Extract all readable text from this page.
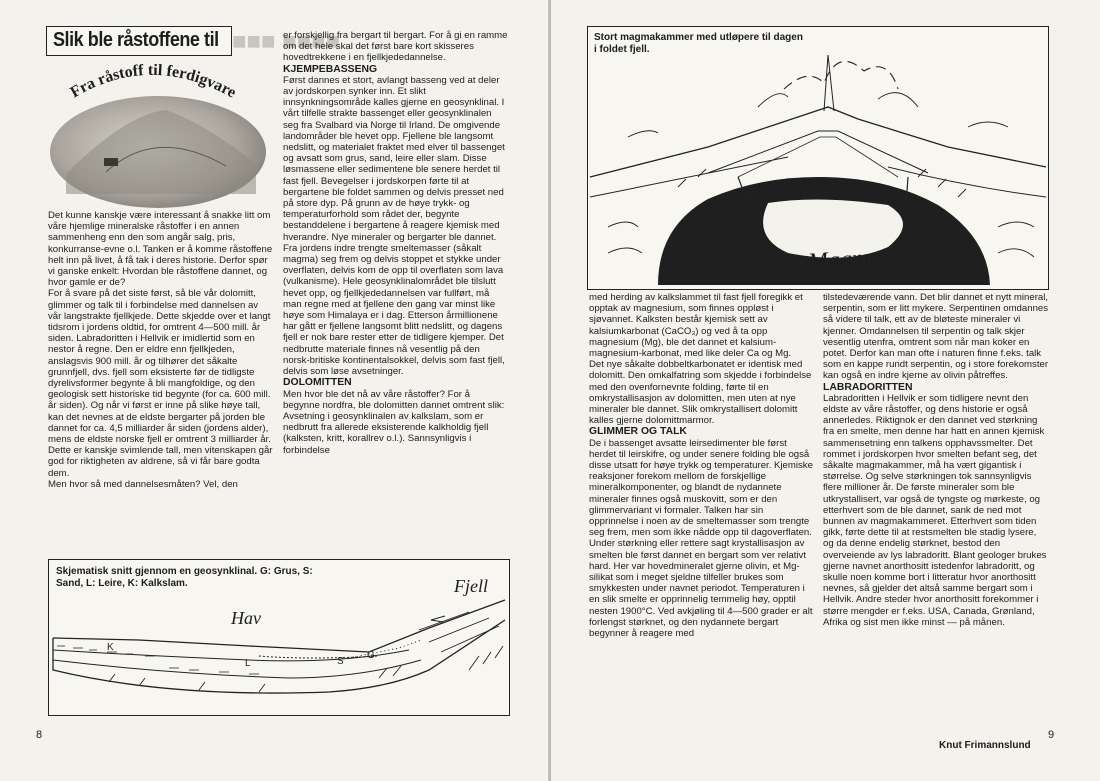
■■■ ■■■■
Slik ble råstoffene til
Fra råstoff til ferdigvare

Det kunne kanskje være interessant å snakke litt om våre hjemlige mineralske råstoffer i en annen sammenheng enn den som angår salg, pris, konkurranse-evne o.l. Tanken er å komme råstoffene helt inn på livet, å få tak i deres historie. Derfor spør vi ganske enkelt: Hvordan ble råstoffene dannet, og hvor gamle er de?

For å svare på det siste først, så ble vår dolomitt, glimmer og talk til i forbindelse med dannelsen av vår langstrakte fjellkjede. Dette skjedde over et langt tidsrom i jordens oldtid, for omtrent 4—500 mill. år siden. Labradoritten i Hellvik er imidlertid som en nestor å regne. Den er eldre enn fjellkjeden, anslagsvis 900 mill. år og tilhører det såkalte grunnfjell, dvs. fjell som eksisterte før de tidligste dyrelivsformer begynte å bli mangfoldige, og den geologisk sett historiske tid begynte (for ca. 600 mill. år siden). Og når vi først er inne på slike høye tall, kan det nevnes at de eldste bergarter på jorden ble dannet for ca. 4,5 milliarder år siden (jordens alder), mens de eldste norske fjell er omtrent 3 milliarder år. Dette er kanskje svimlende tall, men vitenskapen går god for riktigheten av aldrene, så vi får bare godta dem.

Men hvor så med dannelsesmåten? Vel, den

er forskjellig fra bergart til bergart. For å gi en ramme om det hele skal det først bare kort skisseres hovedtrekkene i en fjellkjededannelse.

KJEMPEBASSENG

Først dannes et stort, avlangt basseng ved at deler av jordskorpen synker inn. Et slikt innsynkningsområde kalles gjerne en geosynklinal. I vårt tilfelle strakte bassenget eller geosynklinalen seg fra Svalbard via Norge til Irland. De omgivende landområder ble hevet opp. Fjellene ble langsomt nedslitt, og materialet fraktet med elver til bassenget og avsatt som grus, sand, leire eller slam. Disse løsmassene eller sedimentene ble senere herdet til fast fjell. Bevegelser i jordskorpen førte til at bergartene ble foldet sammen og delvis presset ned på store dyp. På grunn av de høye trykk- og temperaturforhold som rådet der, begynte bestanddelene i bergartene å reagere kjemisk med hverandre. Nye mineraler og bergarter ble dannet. Fra jordens indre trengte smeltemasser (såkalt magma) seg frem og delvis stoppet et stykke under overflaten, delvis kom de opp til overflaten som lava (vulkanisme). Hele geosynklinalområdet ble tilslutt hevet opp, og fjellkjededannelsen var fullført, må man regne med at fjellene den gang var minst like høye som Himalaya er i dag. Etterson årmillionene har gått er fjellene langsomt blitt nedslitt, og dagens fjell er nok bare rester etter de tidligere kjemper. Det nedbrutte materiale finnes nå vesentlig på den norsk-britiske kontinentalsokkel, delvis som fast fjell, delvis som løse avsetninger.

DOLOMITTEN

Men hvor ble det nå av våre råstoffer? For å begynne nordfra, ble dolomitten dannet omtrent slik: Avsetning i geosynklinalen av kalkslam, som er nedbrutt fra allerede eksisterende kalkholdig fjell (kalksten, kritt, korallrev o.l.). Sannsynligvis i forbindelse

Skjematisk snitt gjennom en geosynklinal. G: Grus, S: Sand, L: Leire, K: Kalkslam.	Fjell
Hav
K
L	S
G
8
Stort magmakammer med utløpere til dagen i foldet fjell.
Magma

med herding av kalkslammet til fast fjell foregikk et opptak av magnesium, som finnes oppløst i sjøvannet. Kalksten består kjemisk sett av kalsiumkarbonat (CaCO₃) og ved å ta opp magnesium (Mg), ble det dannet et kalsium-magnesium-karbonat, med like deler Ca og Mg.

Det nye såkalte dobbeltkarbonatet er identisk med dolomitt. Den omkalfatring som skjedde i forbindelse med den ovenfornevnte folding, førte til en omkrystallisasjon av dolomitten, men uten at nye mineraler ble dannet. Slik omkrystallisert dolomitt kalles gjerne dolomittmarmor.

GLIMMER OG TALK

De i bassenget avsatte leirsedimenter ble først herdet til leirskifre, og under senere folding ble også disse utsatt for høye trykk og temperaturer. Kjemiske reaksjoner forekom mellom de forskjellige mineralkomponenter, og blandt de nydannete mineraler finnes også muskovitt, som er den glimmervariant vi formaler. Talken har sin opprinnelse i noen av de smeltemasser som trengte seg frem, men som ikke nådde opp til dagoverflaten. Under størkning eller rettere sagt krystallisasjon av smelten ble først dannet en bergart som ver relativt hard. Her var hovedmineralet gjerne olivin, et Mg-silikat som i meget sjeldne tilfeller brukes som smykkesten under navnet periodot. Temperaturen i en slik smelte er opprinnelig temmelig høy, opptil nesten 1900°C. Ved avkjøling til 4—500 grader er alt forlengst størknet, og den nydannete bergart begynner å reagere med

tilstedeværende vann. Det blir dannet et nytt mineral, serpentin, som er litt mykere. Serpentinen omdannes så videre til talk, ett av de bløteste mineraler vi kjenner. Omdannelsen til serpentin og talk skjer vesentlig utenfra, omtrent som når man koker en potet. Derfor kan man ofte i naturen finne f.eks. talk som en kappe rundt serpentin, og i store forekomster kan også en indre kjerne av olivin påtreffes.

LABRADORITTEN

Labradoritten i Hellvik er som tidligere nevnt den eldste av våre råstoffer, og dens historie er også annerledes. Riktignok er den dannet ved størkning fra en smelte, men denne har hatt en annen kjemisk sammensetning enn talkens opphavssmelter. Det rommet i jordskorpen hvor smelten befant seg, det såkalte magmakammer, må ha vært gigantisk i størrelse. Og selve størkningen tok sannsynligvis flere millioner år. De første mineraler som ble utkrystallisert, var også de tyngste og mørkeste, og etterhvert som de ble dannet, sank de ned mot bunnen av magmakammeret. Etterhvert som tiden gikk, førte dette til at restsmelten ble stadig lysere, og da denne endelig størknet, bestod den overveiende av lys labradoritt. Blant geologer brukes gjerne navnet anorthositt istedenfor labradoritt, og skulle noen komme bort i litteratur hvor anorthositt nevnes, så gjelder det altså samme bergart som i Hellvik. Andre steder hvor anorthositt forekommer i større mengder er f.eks. USA, Canada, Grønland, Afrika og sist men ikke minst — på månen.

Knut Frimannslund
9
